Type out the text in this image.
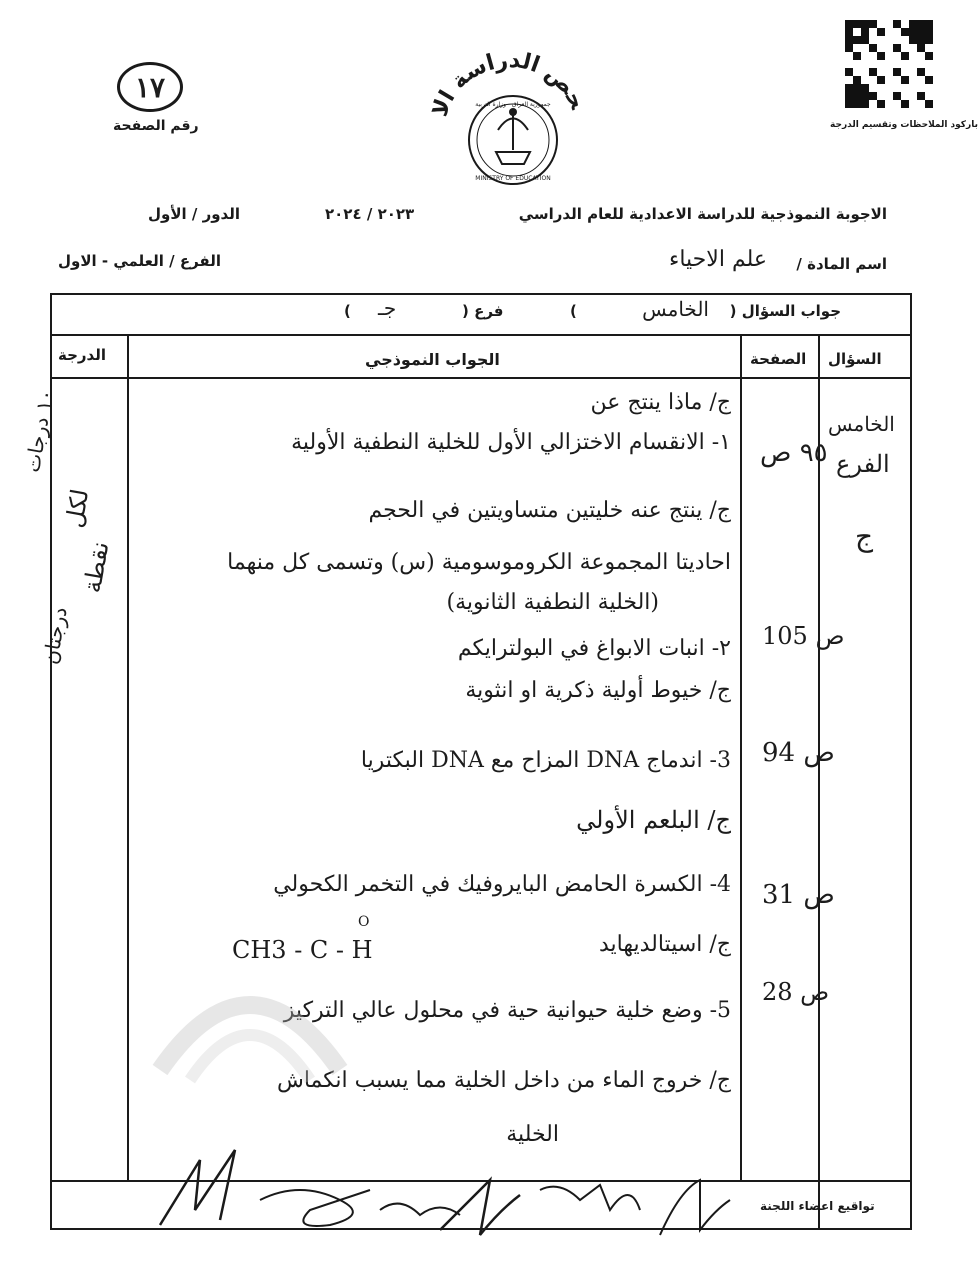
١٧
رقم الصفحة
حص الدراسة الاعدادية
MINISTRY OF EDUCATION
جمهورية العراق - وزارة التربية
باركود الملاحظات وتقسيم الدرجة
الاجوبة النموذجية للدراسة الاعدادية للعام الدراسي
٢٠٢٣ / ٢٠٢٤
الدور / الأول
اسم المادة /
علم الاحياء
الفرع / العلمي - الاول
جواب السؤال (
الخامس
)
فرع (
جـ
)
السؤال
الصفحة
الجواب النموذجي
الدرجة
الخامس
الفرع
ج
١٠ درجات
لكل
نقطة
درجتان
ج/ ماذا ينتج عن
١- الانقسام الاختزالي الأول للخلية النطفية الأولية ٩٥ ص
ج/ ينتج عنه خليتين متساويتين في الحجم
احاديتا المجموعة الكروموسومية (س) وتسمى كل منهما
(الخلية النطفية الثانوية)
٢- انبات الابواغ في البولترايكم 105 ص
ج/ خيوط أولية ذكرية او انثوية
3- اندماج DNA المزاح مع DNA البكتريا 94 ص
ج/ البلعم الأولي
4- الكسرة الحامض البايروفيك في التخمر الكحولي 31 ص
ج/ اسيتالديهايد
CH3 - C - H
O
5- وضع خلية حيوانية حية في محلول عالي التركيز
28 ص
ج/ خروج الماء من داخل الخلية مما يسبب انكماش
الخلية
تواقيع اعضاء اللجنة
